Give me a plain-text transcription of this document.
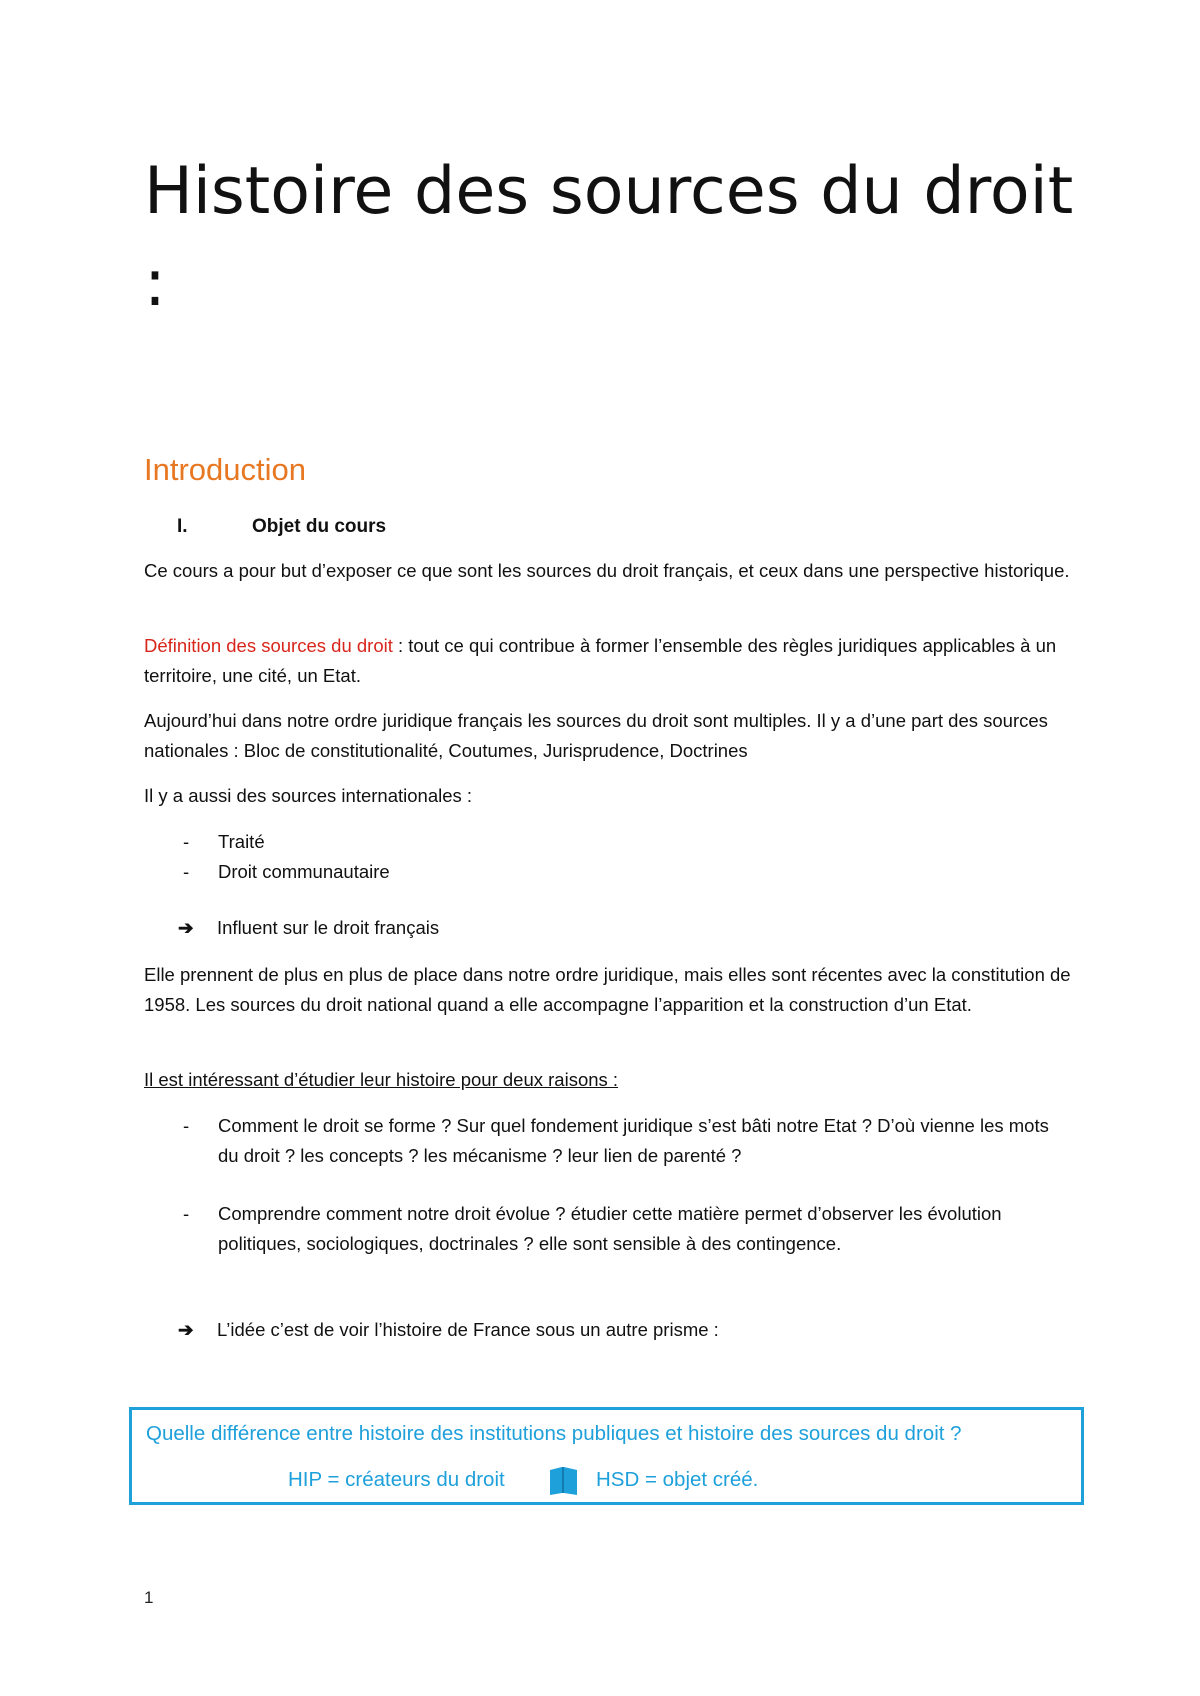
Histoire des sources du droit :
Introduction
I.	Objet du cours

Ce cours a pour but d’exposer ce que sont les sources du droit français, et ceux dans une perspective historique.

Définition des sources du droit : tout ce qui contribue à former l’ensemble des règles juridiques applicables à un territoire, une cité, un Etat.

Aujourd’hui dans notre ordre juridique français les sources du droit sont multiples. Il y a d’une part des sources nationales : Bloc de constitutionalité, Coutumes, Jurisprudence, Doctrines

Il y a aussi des sources internationales :

- Traité
- Droit communautaire

➔ Influent sur le droit français

Elle prennent de plus en plus de place dans notre ordre juridique, mais elles sont récentes avec la constitution de 1958. Les sources du droit national quand a elle accompagne l’apparition et la construction d’un Etat.

Il est intéressant d’étudier leur histoire pour deux raisons :

- Comment le droit se forme ? Sur quel fondement juridique s’est bâti notre Etat ? D’où vienne les mots du droit ? les concepts ? les mécanisme ? leur lien de parenté ?
- Comprendre comment notre droit évolue ? étudier cette matière permet d’observer les évolution politiques, sociologiques, doctrinales ? elle sont sensible à des contingence.

➔ L’idée c’est de voir l’histoire de France sous un autre prisme :

Quelle différence entre histoire des institutions publiques et histoire des sources du droit ?

HIP = créateurs du droit	HSD = objet créé.
1
